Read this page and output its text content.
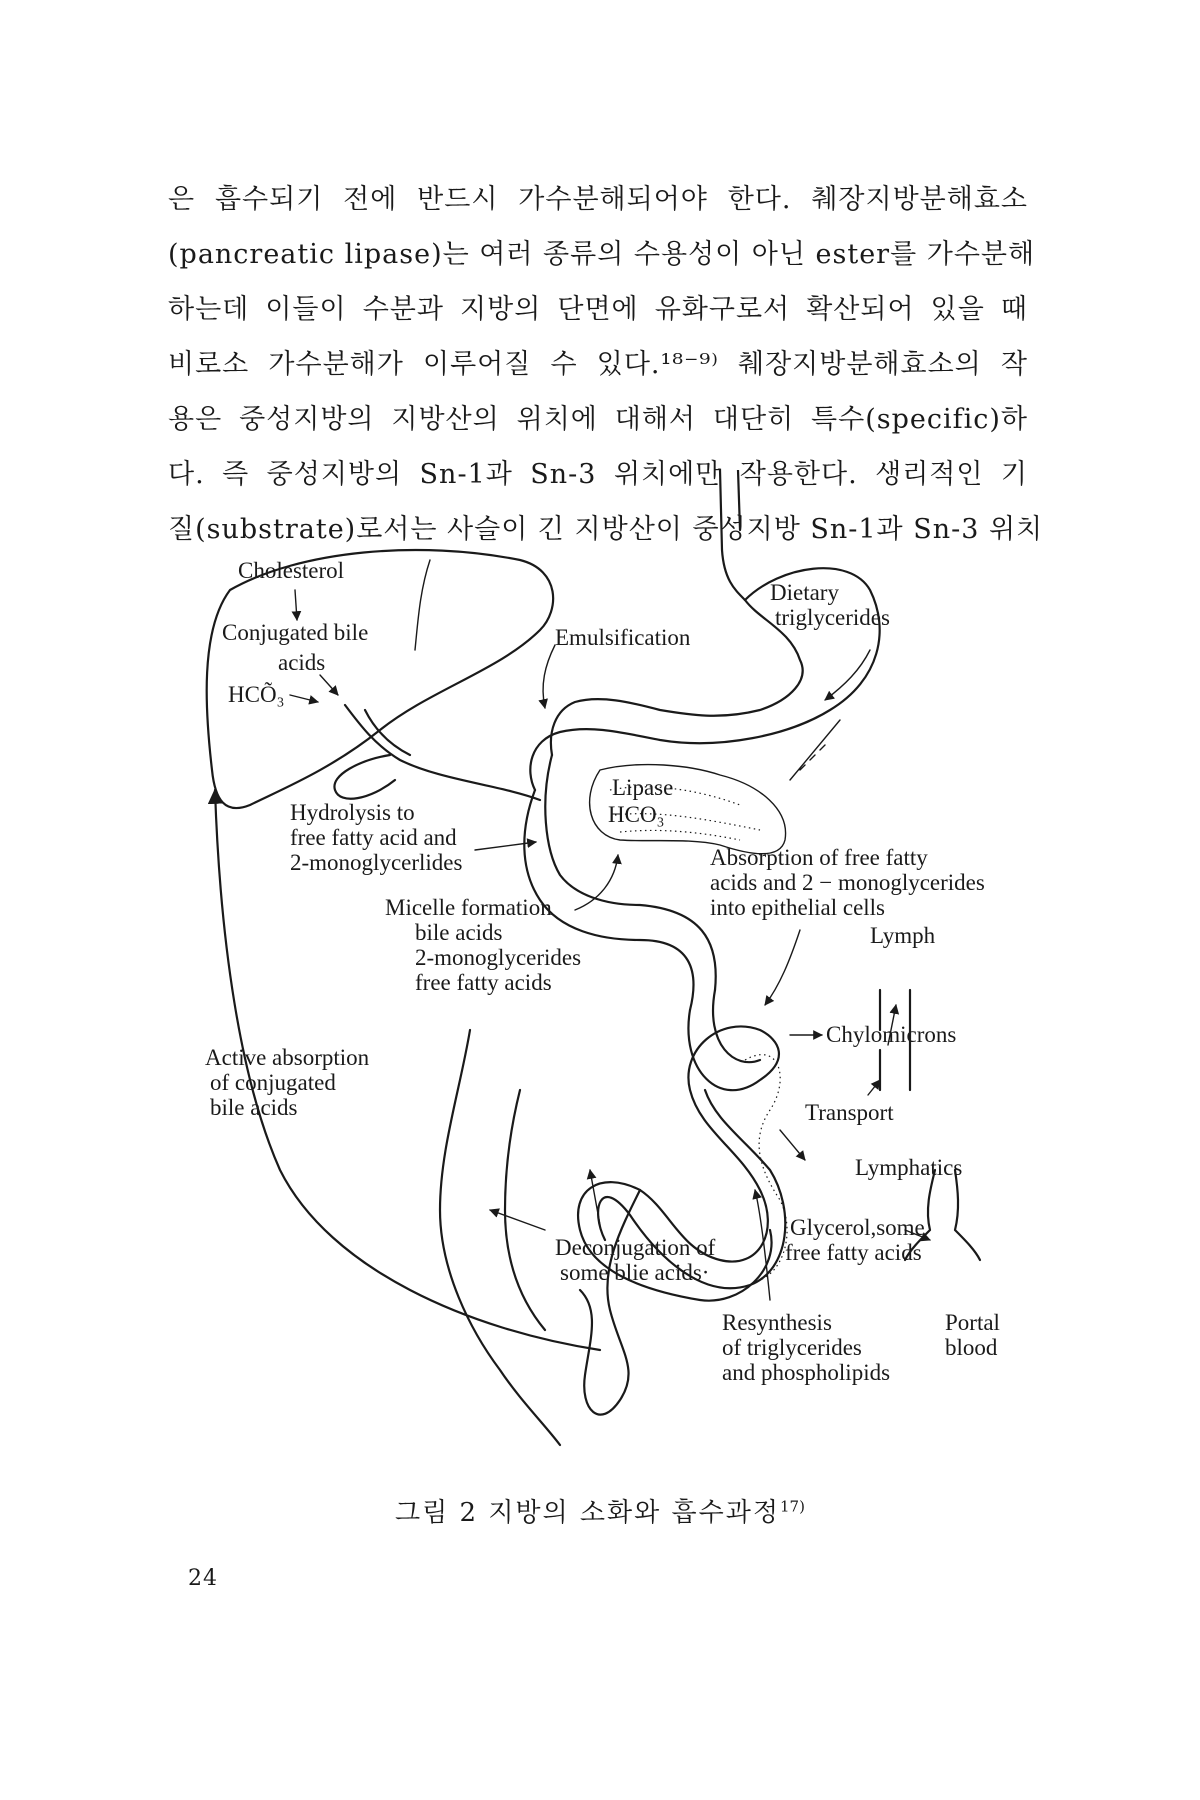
은 흡수되기 전에 반드시 가수분해되어야 한다. 췌장지방분해효소
(pancreatic lipase)는 여러 종류의 수용성이 아닌 ester를 가수분해
하는데 이들이 수분과 지방의 단면에 유화구로서 확산되어 있을 때
비로소 가수분해가 이루어질 수 있다.¹⁸⁻⁹⁾ 췌장지방분해효소의 작
용은 중성지방의 지방산의 위치에 대해서 대단히 특수(specific)하
다. 즉 중성지방의 Sn-1과 Sn-3 위치에만 작용한다. 생리적인 기
질(substrate)로서는 사슬이 긴 지방산이 중성지방 Sn-1과 Sn-3 위치
Cholesterol
Conjugated bile
acids
HCÕ₃
Emulsification
Dietary
triglycerides
Lipase
HCO₃
Hydrolysis to
free fatty acid and
2-monoglycerlides	Absorption of free fatty
acids and 2 − monoglycerides
into epithelial cells
Micelle formation
bile acids
2-monoglycerides
free fatty acids
Lymph
Chylomicrons
Transport
Lymphatics
Active absorption
of conjugated
bile acids
Glycerol,some
free fatty acids
Deconjugation of
some blie acids·
Resynthesis
of triglycerides
and phospholipids
Portal
blood
그림 2 지방의 소화와 흡수과정$^{17)}$
24
